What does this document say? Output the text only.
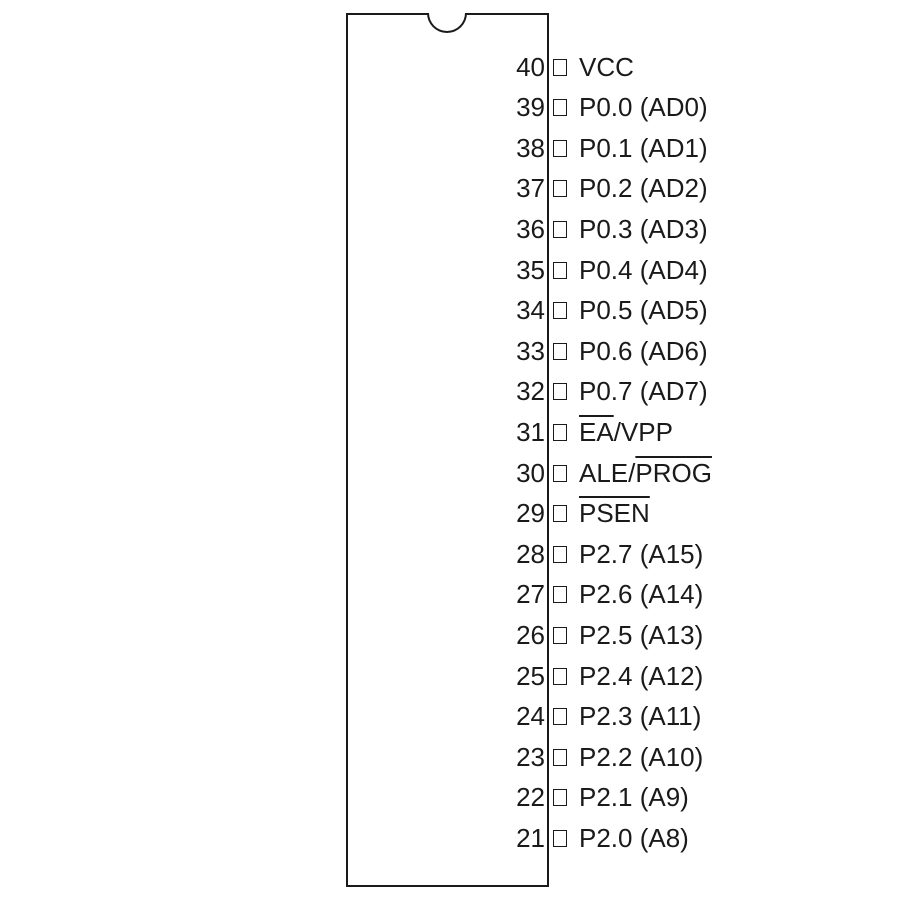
40 VCC
39 P0.0 (AD0)
38 P0.1 (AD1)
37 P0.2 (AD2)
36 P0.3 (AD3)
35 P0.4 (AD4)
34 P0.5 (AD5)
33 P0.6 (AD6)
32 P0.7 (AD7)
31 $\overline{EA}$/VPP
30 ALE/PROG
29 PSEN
28 P2.7 (A15)
27 P2.6 (A14)
26 P2.5 (A13)
25 P2.4 (A12)
24 P2.3 (A11)
23 P2.2 (A10)
22 P2.1 (A9)
21 P2.0 (A8)
